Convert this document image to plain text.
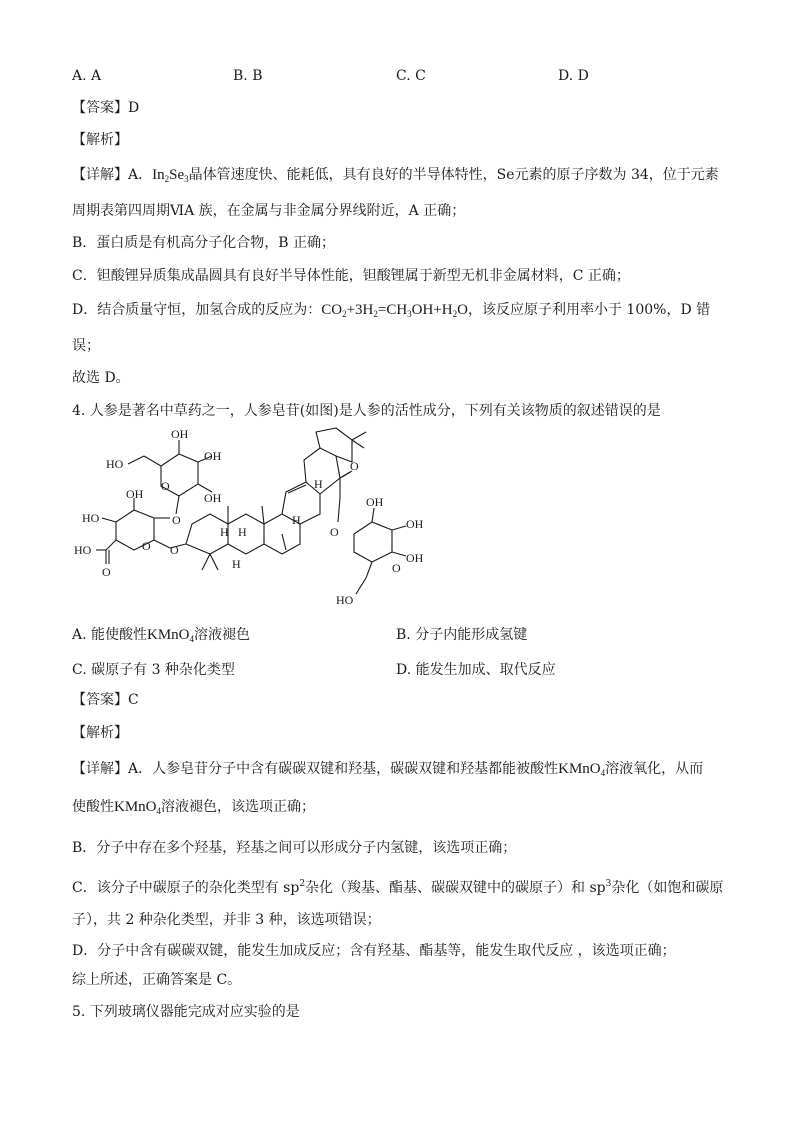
A. A	B. B	C. C	D. D
【答案】D
【解析】
【详解】A．$In_2Se_3$晶体管速度快、能耗低，具有良好的半导体特性，Se元素的原子序数为 34，位于元素
周期表第四周期ⅥA 族，在金属与非金属分界线附近，A 正确；
B．蛋白质是有机高分子化合物，B 正确；
C．钽酸锂异质集成晶圆具有良好半导体性能，钽酸锂属于新型无机非金属材料，C 正确；
D．结合质量守恒，加氢合成的反应为：$CO_2+3H_2=CH_3OH+H_2O$，该反应原子利用率小于 100%，D 错
误；
故选 D。
4. 人参是著名中草药之一，人参皂苷(如图)是人参的活性成分，下列有关该物质的叙述错误的是
OH
HO
OH
OH
O
O
OH
HO
HO
O
O O
H
H
H
H
H
O
O
OH
OH
OH
O
HO
A. 能使酸性KMnO$_4$溶液褪色	B. 分子内能形成氢键
C. 碳原子有 3 种杂化类型	D. 能发生加成、取代反应
【答案】C
【解析】
【详解】A．人参皂苷分子中含有碳碳双键和羟基，碳碳双键和羟基都能被酸性KMnO$_4$溶液氧化，从而
使酸性KMnO$_4$溶液褪色，该选项正确；
B．分子中存在多个羟基，羟基之间可以形成分子内氢键，该选项正确；
C．该分子中碳原子的杂化类型有 $sp^2$杂化（羧基、酯基、碳碳双键中的碳原子）和 $sp^3$杂化（如饱和碳原
子），共 2 种杂化类型，并非 3 种，该选项错误；
D．分子中含有碳碳双键，能发生加成反应；含有羟基、酯基等，能发生取代反应 ，该选项正确；
综上所述，正确答案是 C。
5. 下列玻璃仪器能完成对应实验的是
